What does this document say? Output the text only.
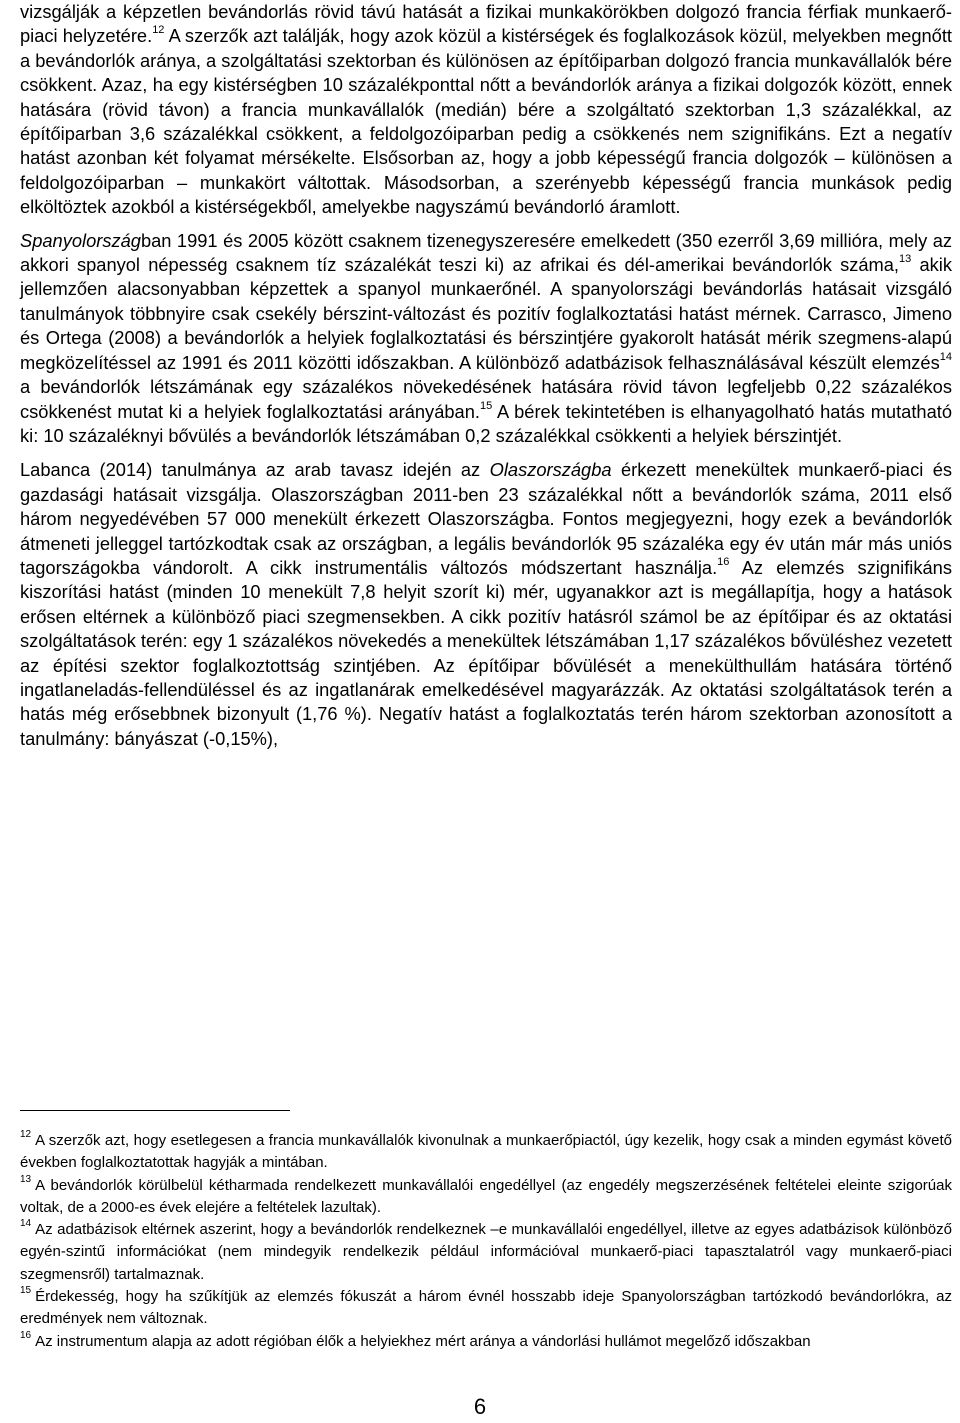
vizsgálják a képzetlen bevándorlás rövid távú hatását a fizikai munkakörökben dolgozó francia férfiak munkaerő-piaci helyzetére.$^{12}$ A szerzők azt találják, hogy azok közül a kistérségek és foglalkozások közül, melyekben megnőtt a bevándorlók aránya, a szolgáltatási szektorban és különösen az építőiparban dolgozó francia munkavállalók bére csökkent. Azaz, ha egy kistérségben 10 százalékponttal nőtt a bevándorlók aránya a fizikai dolgozók között, ennek hatására (rövid távon) a francia munkavállalók (medián) bére a szolgáltató szektorban 1,3 százalékkal, az építőiparban 3,6 százalékkal csökkent, a feldolgozóiparban pedig a csökkenés nem szignifikáns. Ezt a negatív hatást azonban két folyamat mérsékelte. Elsősorban az, hogy a jobb képességű francia dolgozók – különösen a feldolgozóiparban – munkakört váltottak. Másodsorban, a szerényebb képességű francia munkások pedig elköltöztek azokból a kistérségekből, amelyekbe nagyszámú bevándorló áramlott.

Spanyolországban 1991 és 2005 között csaknem tizenegyszeresére emelkedett (350 ezerről 3,69 millióra, mely az akkori spanyol népesség csaknem tíz százalékát teszi ki) az afrikai és dél-amerikai bevándorlók száma,$^{13}$ akik jellemzően alacsonyabban képzettek a spanyol munkaerőnél. A spanyolországi bevándorlás hatásait vizsgáló tanulmányok többnyire csak csekély bérszint-változást és pozitív foglalkoztatási hatást mérnek. Carrasco, Jimeno és Ortega (2008) a bevándorlók a helyiek foglalkoztatási és bérszintjére gyakorolt hatását mérik szegmens-alapú megközelítéssel az 1991 és 2011 közötti időszakban. A különböző adatbázisok felhasználásával készült elemzés$^{14}$ a bevándorlók létszámának egy százalékos növekedésének hatására rövid távon legfeljebb 0,22 százalékos csökkenést mutat ki a helyiek foglalkoztatási arányában.$^{15}$ A bérek tekintetében is elhanyagolható hatás mutatható ki: 10 százaléknyi bővülés a bevándorlók létszámában 0,2 százalékkal csökkenti a helyiek bérszintjét.

Labanca (2014) tanulmánya az arab tavasz idején az Olaszországba érkezett menekültek munkaerő-piaci és gazdasági hatásait vizsgálja. Olaszországban 2011-ben 23 százalékkal nőtt a bevándorlók száma, 2011 első három negyedévében 57 000 menekült érkezett Olaszországba. Fontos megjegyezni, hogy ezek a bevándorlók átmeneti jelleggel tartózkodtak csak az országban, a legális bevándorlók 95 százaléka egy év után már más uniós tagországokba vándorolt. A cikk instrumentális változós módszertant használja.$^{16}$ Az elemzés szignifikáns kiszorítási hatást (minden 10 menekült 7,8 helyit szorít ki) mér, ugyanakkor azt is megállapítja, hogy a hatások erősen eltérnek a különböző piaci szegmensekben. A cikk pozitív hatásról számol be az építőipar és az oktatási szolgáltatások terén: egy 1 százalékos növekedés a menekültek létszámában 1,17 százalékos bővüléshez vezetett az építési szektor foglalkoztottság szintjében. Az építőipar bővülését a menekülthullám hatására történő ingatlaneladás-fellendüléssel és az ingatlanárak emelkedésével magyarázzák. Az oktatási szolgáltatások terén a hatás még erősebbnek bizonyult (1,76 %). Negatív hatást a foglalkoztatás terén három szektorban azonosított a tanulmány: bányászat (-0,15%),

$^{12}$ A szerzők azt, hogy esetlegesen a francia munkavállalók kivonulnak a munkaerőpiactól, úgy kezelik, hogy csak a minden egymást követő években foglalkoztatottak hagyják a mintában.

$^{13}$ A bevándorlók körülbelül kétharmada rendelkezett munkavállalói engedéllyel (az engedély megszerzésének feltételei eleinte szigorúak voltak, de a 2000-es évek elejére a feltételek lazultak).

$^{14}$ Az adatbázisok eltérnek aszerint, hogy a bevándorlók rendelkeznek –e munkavállalói engedéllyel, illetve az egyes adatbázisok különböző egyén-szintű információkat (nem mindegyik rendelkezik például információval munkaerő-piaci tapasztalatról vagy munkaerő-piaci szegmensről) tartalmaznak.

$^{15}$ Érdekesség, hogy ha szűkítjük az elemzés fókuszát a három évnél hosszabb ideje Spanyolországban tartózkodó bevándorlókra, az eredmények nem változnak.

$^{16}$ Az instrumentum alapja az adott régióban élők a helyiekhez mért aránya a vándorlási hullámot megelőző időszakban

6
